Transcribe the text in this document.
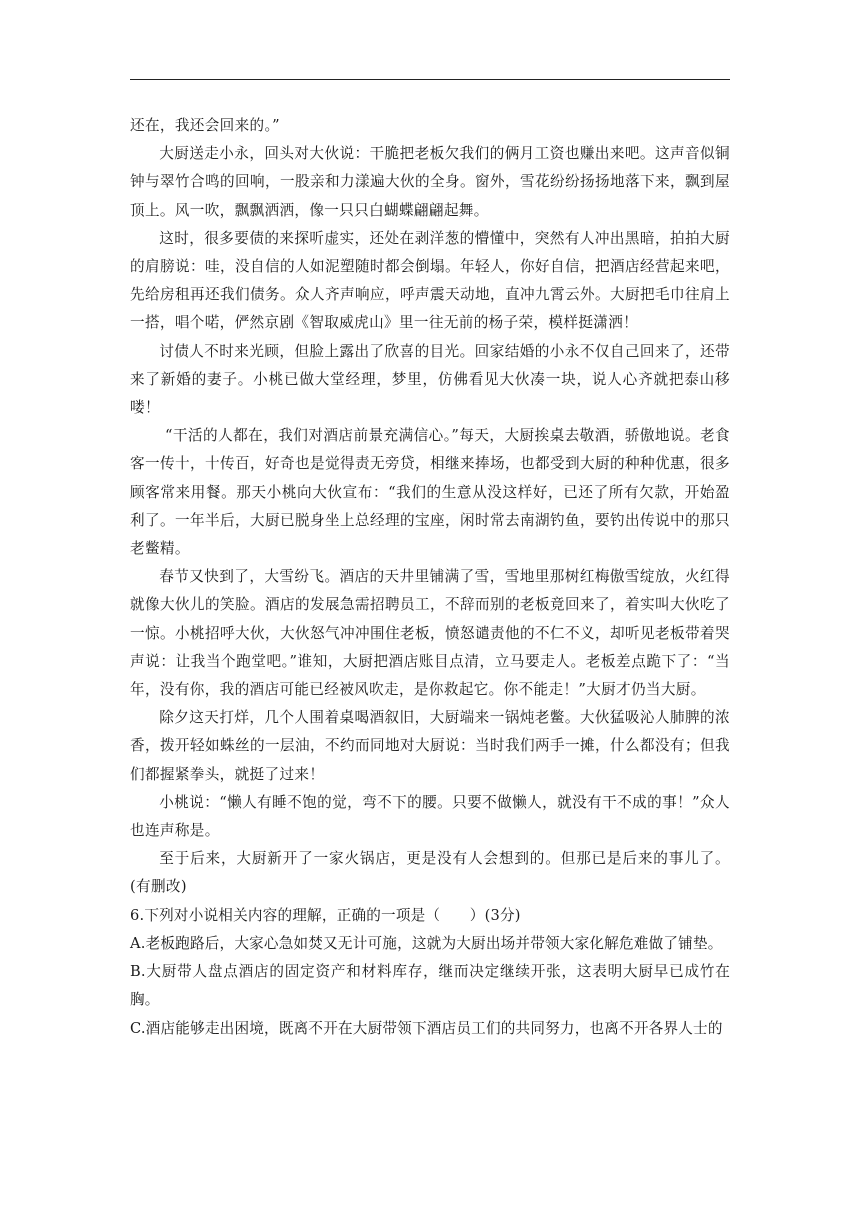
还在，我还会回来的。”

大厨送走小永，回头对大伙说：干脆把老板欠我们的俩月工资也赚出来吧。这声音似铜钟与翠竹合鸣的回响，一股亲和力漾遍大伙的全身。窗外，雪花纷纷扬扬地落下来，飘到屋顶上。风一吹，飘飘洒洒，像一只只白蝴蝶翩翩起舞。

这时，很多要债的来探听虚实，还处在剥洋葱的懵懂中，突然有人冲出黑暗，拍拍大厨的肩膀说：哇，没自信的人如泥塑随时都会倒塌。年轻人，你好自信，把酒店经营起来吧，先给房租再还我们债务。众人齐声响应，呼声震天动地，直冲九霄云外。大厨把毛巾往肩上一搭，唱个喏，俨然京剧《智取威虎山》里一往无前的杨子荣，模样挺潇洒！

讨债人不时来光顾，但脸上露出了欣喜的目光。回家结婚的小永不仅自己回来了，还带来了新婚的妻子。小桃已做大堂经理，梦里，仿佛看见大伙凑一块，说人心齐就把泰山移喽！

“干活的人都在，我们对酒店前景充满信心。”每天，大厨挨桌去敬酒，骄傲地说。老食客一传十，十传百，好奇也是觉得责无旁贷，相继来捧场，也都受到大厨的种种优惠，很多顾客常来用餐。那天小桃向大伙宣布：“我们的生意从没这样好，已还了所有欠款，开始盈利了。一年半后，大厨已脱身坐上总经理的宝座，闲时常去南湖钓鱼，要钓出传说中的那只老鳖精。

春节又快到了，大雪纷飞。酒店的天井里铺满了雪，雪地里那树红梅傲雪绽放，火红得就像大伙儿的笑脸。酒店的发展急需招聘员工，不辞而别的老板竟回来了，着实叫大伙吃了一惊。小桃招呼大伙，大伙怒气冲冲围住老板，愤怒谴责他的不仁不义，却听见老板带着哭声说：让我当个跑堂吧。”谁知，大厨把酒店账目点清，立马要走人。老板差点跪下了：“当年，没有你，我的酒店可能已经被风吹走，是你救起它。你不能走！”大厨才仍当大厨。

除夕这天打烊，几个人围着桌喝酒叙旧，大厨端来一锅炖老鳖。大伙猛吸沁人肺脾的浓香，拨开轻如蛛丝的一层油，不约而同地对大厨说：当时我们两手一摊，什么都没有；但我们都握紧拳头，就挺了过来！

小桃说：“懒人有睡不饱的觉，弯不下的腰。只要不做懒人，就没有干不成的事！”众人也连声称是。

至于后来，大厨新开了一家火锅店，更是没有人会想到的。但那已是后来的事儿了。(有删改)

6.下列对小说相关内容的理解，正确的一项是（　　）(3分)

A.老板跑路后，大家心急如焚又无计可施，这就为大厨出场并带领大家化解危难做了铺垫。

B.大厨带人盘点酒店的固定资产和材料库存，继而决定继续开张，这表明大厨早已成竹在胸。

C.酒店能够走出困境，既离不开在大厨带领下酒店员工们的共同努力，也离不开各界人士的
